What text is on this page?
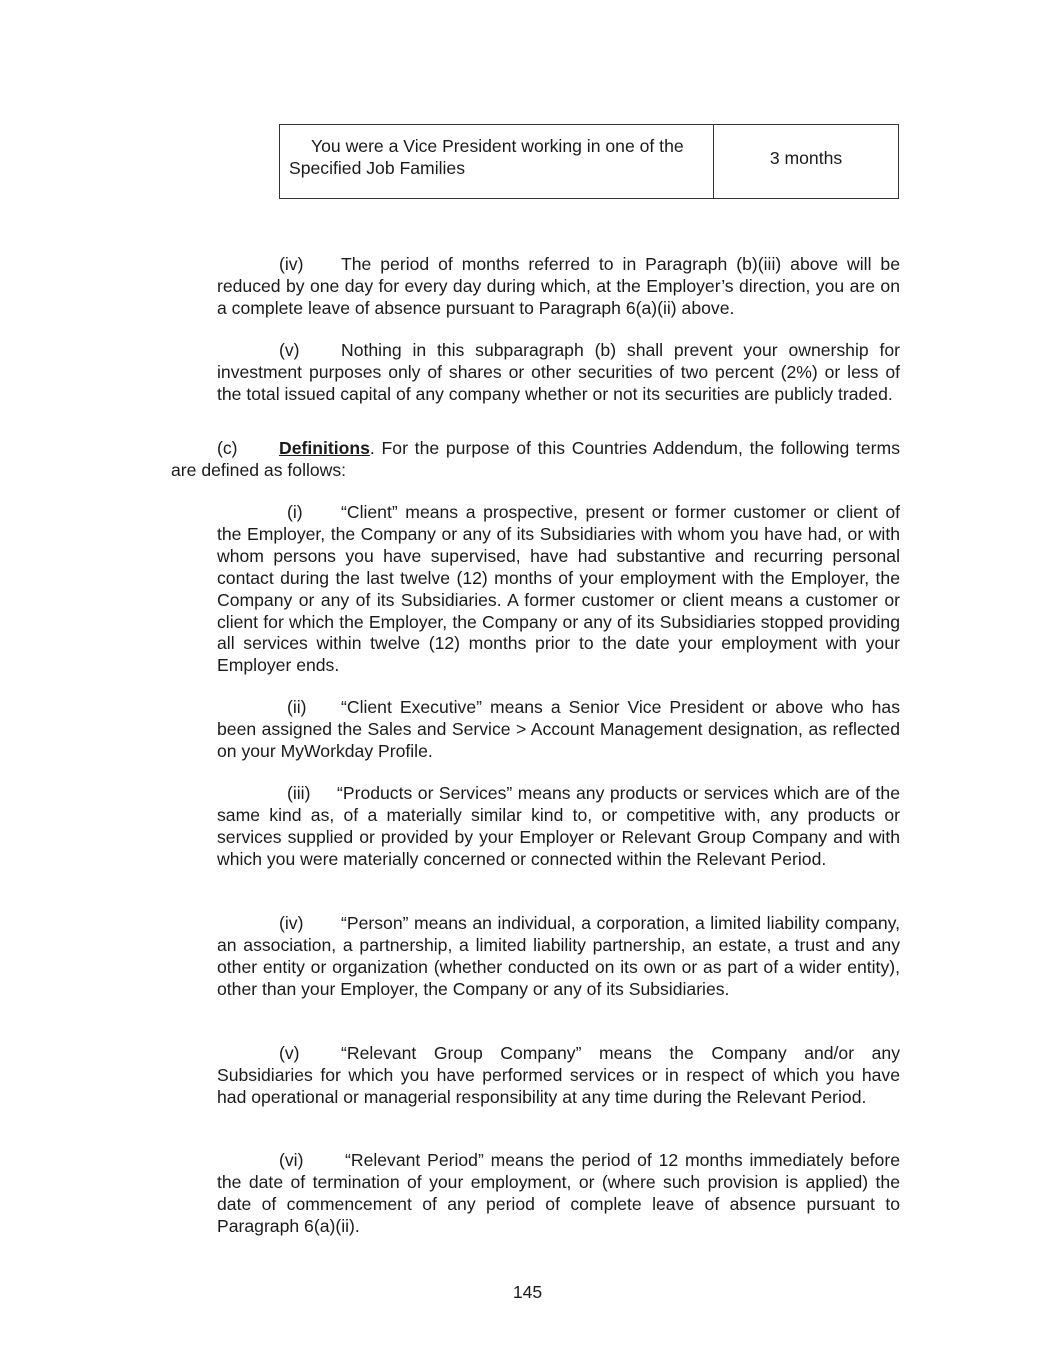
You were a Vice President working in one of the Specified Job Families
3 months

(iv) The period of months referred to in Paragraph (b)(iii) above will be reduced by one day for every day during which, at the Employer’s direction, you are on a complete leave of absence pursuant to Paragraph 6(a)(ii) above.

(v) Nothing in this subparagraph (b) shall prevent your ownership for investment purposes only of shares or other securities of two percent (2%) or less of the total issued capital of any company whether or not its securities are publicly traded.

(c) Definitions. For the purpose of this Countries Addendum, the following terms are defined as follows:

(i) “Client” means a prospective, present or former customer or client of the Employer, the Company or any of its Subsidiaries with whom you have had, or with whom persons you have supervised, have had substantive and recurring personal contact during the last twelve (12) months of your employment with the Employer, the Company or any of its Subsidiaries. A former customer or client means a customer or client for which the Employer, the Company or any of its Subsidiaries stopped providing all services within twelve (12) months prior to the date your employment with your Employer ends.

(ii) “Client Executive” means a Senior Vice President or above who has been assigned the Sales and Service > Account Management designation, as reflected on your MyWorkday Profile.

(iii) “Products or Services” means any products or services which are of the same kind as, of a materially similar kind to, or competitive with, any products or services supplied or provided by your Employer or Relevant Group Company and with which you were materially concerned or connected within the Relevant Period.

(iv) “Person” means an individual, a corporation, a limited liability company, an association, a partnership, a limited liability partnership, an estate, a trust and any other entity or organization (whether conducted on its own or as part of a wider entity), other than your Employer, the Company or any of its Subsidiaries.

(v) “Relevant Group Company” means the Company and/or any Subsidiaries for which you have performed services or in respect of which you have had operational or managerial responsibility at any time during the Relevant Period.

(vi) “Relevant Period” means the period of 12 months immediately before the date of termination of your employment, or (where such provision is applied) the date of commencement of any period of complete leave of absence pursuant to Paragraph 6(a)(ii).

145
